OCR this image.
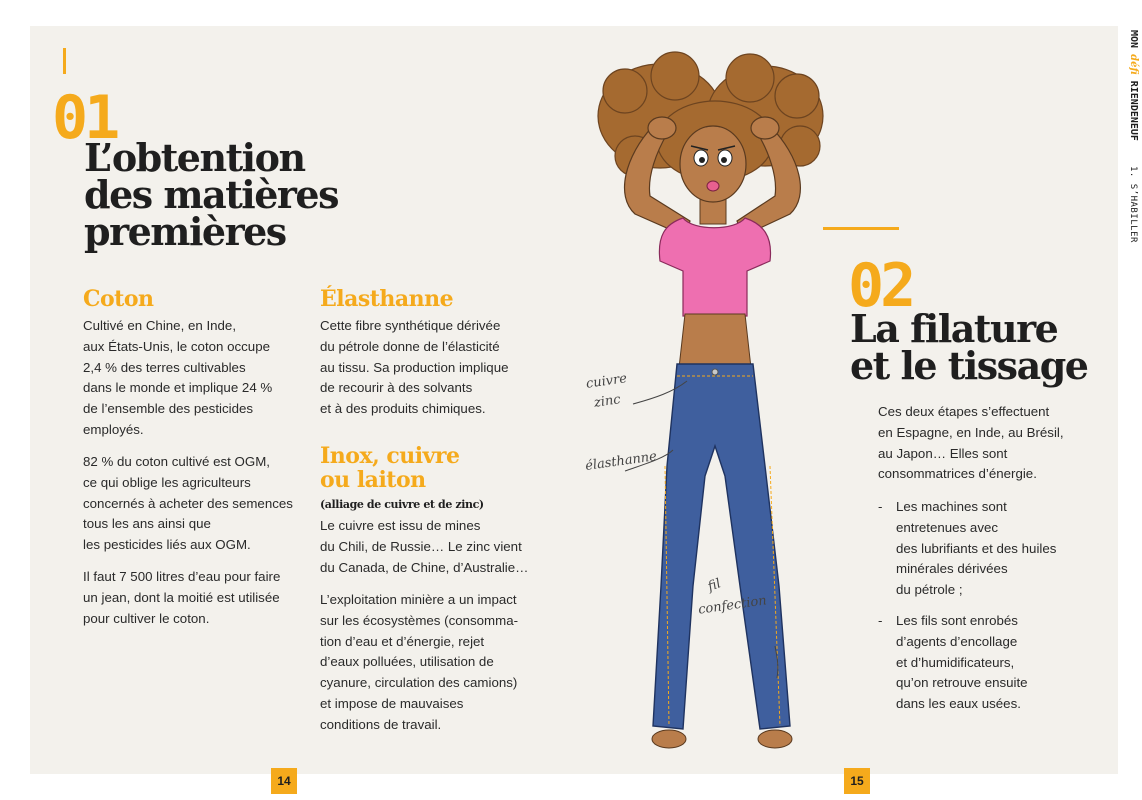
01
L’obtention
des matières
premières
Coton
Cultivé en Chine, en Inde,
aux États-Unis, le coton occupe
2,4 % des terres cultivables
dans le monde et implique 24 %
de l’ensemble des pesticides
employés.
82 % du coton cultivé est OGM,
ce qui oblige les agriculteurs
concernés à acheter des semences
tous les ans ainsi que
les pesticides liés aux OGM.
Il faut 7 500 litres d’eau pour faire
un jean, dont la moitié est utilisée
pour cultiver le coton.
Élasthanne
Cette fibre synthétique dérivée
du pétrole donne de l’élasticité
au tissu. Sa production implique
de recourir à des solvants
et à des produits chimiques.
Inox, cuivre
ou laiton
(alliage de cuivre et de zinc)
Le cuivre est issu de mines
du Chili, de Russie… Le zinc vient
du Canada, de Chine, d’Australie…
L’exploitation minière a un impact
sur les écosystèmes (consomma-
tion d’eau et d’énergie, rejet
d’eaux polluées, utilisation de
cyanure, circulation des camions)
et impose de mauvaises
conditions de travail.
14
cuivre
zinc
élasthanne
fil
confection
02
La filature
et le tissage
Ces deux étapes s’effectuent
en Espagne, en Inde, au Brésil,
au Japon… Elles sont
consommatrices d’énergie.
- Les machines sont
entretenues avec
des lubrifiants et des huiles
minérales dérivées
du pétrole ;
- Les fils sont enrobés
d’agents d’encollage
et d’humidificateurs,
qu’on retrouve ensuite
dans les eaux usées.
15
MON défi RIENDENEUF
1. S’HABILLER
